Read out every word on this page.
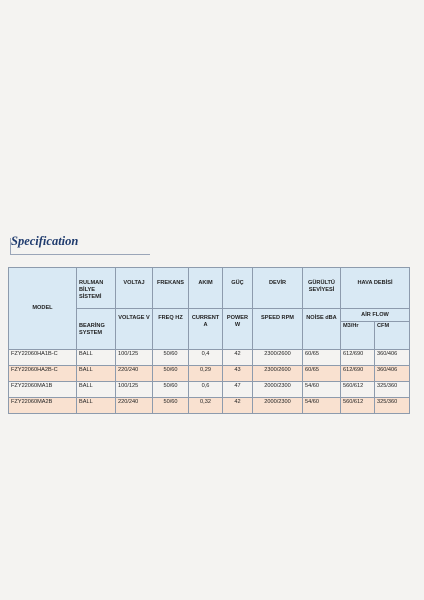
Specification
MODEL	RULMAN BİLYE SİSTEMİ	VOLTAJ	FREKANS	AKIM	GÜÇ	DEVİR	GÜRÜLTÜ SEVİYESİ	HAVA DEBİSİ	

	BEARİNG SYSTEM	VOLTAGE V	FREQ HZ	CURRENT A	POWER W	SPEED RPM	NOİSE dBA	AİR FLOW	
								M3/Hr	CFM
FZY22060HA1B-C	BALL	100/125	50/60	0,4	42	2300/2600	60/65	612/690	360/406
FZY22060HA2B-C	BALL	220/240	50/60	0,29	43	2300/2600	60/65	612/690	360/406
FZY22060MA1B	BALL	100/125	50/60	0,6	47	2000/2300	54/60	560/612	325/360
FZY22060MA2B	BALL	220/240	50/60	0,32	42	2000/2300	54/60	560/612	325/360
